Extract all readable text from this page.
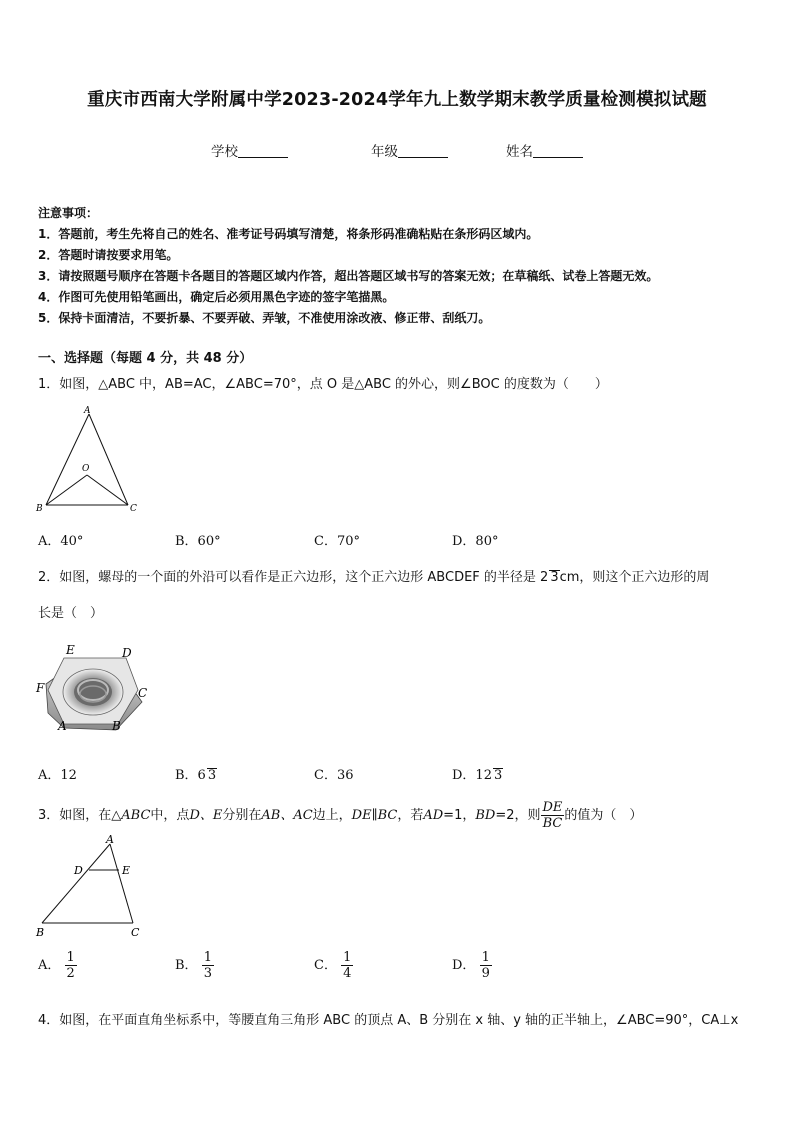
重庆市西南大学附属中学2023-2024学年九上数学期末教学质量检测模拟试题
学校	年级	姓名
注意事项：
1．答题前，考生先将自己的姓名、准考证号码填写清楚，将条形码准确粘贴在条形码区域内。
2．答题时请按要求用笔。
3．请按照题号顺序在答题卡各题目的答题区域内作答，超出答题区域书写的答案无效；在草稿纸、试卷上答题无效。
4．作图可先使用铅笔画出，确定后必须用黑色字迹的签字笔描黑。
5．保持卡面清洁，不要折暴、不要弄破、弄皱，不准使用涂改液、修正带、刮纸刀。
一、选择题（每题 4 分，共 48 分）
1．如图，△ABC 中，AB=AC，∠ABC=70°，点 O 是△ABC 的外心，则∠BOC 的度数为（　　）
A
O
B	C
A．40°	B．60°	C．70°	D．80°
2．如图，螺母的一个面的外沿可以看作是正六边形，这个正六边形 ABCDEF 的半径是 2 3cm，则这个正六边形的周
长是（　）
E	D
F	C
A	B
A．12	B．6 3	C．36	D．12 3
3．如图，在△ABC中，点D、E分别在AB、AC边上，DE∥BC，若AD=1，BD=2，则 $\frac{DE}{BC}$ 的值为（　）
A
D	E
B	C
A． $\frac{1}{2}$	B． $\frac{1}{3}$	C． $\frac{1}{4}$	D． $\frac{1}{9}$
4．如图，在平面直角坐标系中，等腰直角三角形 ABC 的顶点 A、B 分别在 x 轴、y 轴的正半轴上，∠ABC=90°，CA⊥x
